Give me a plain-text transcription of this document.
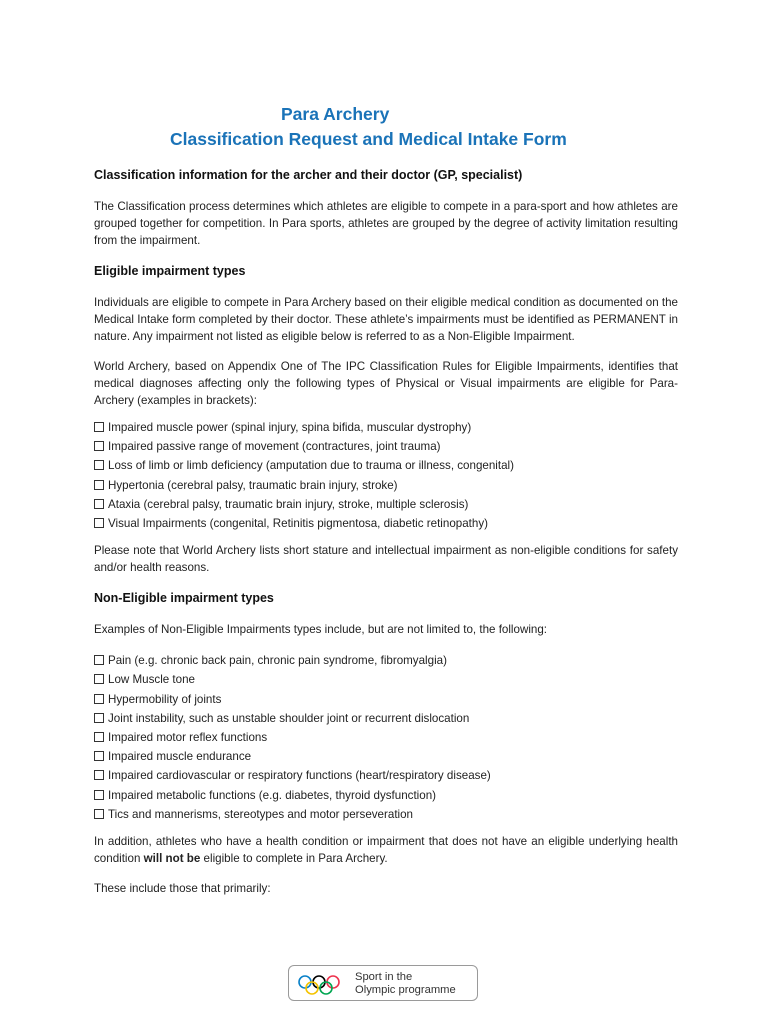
Para Archery
Classification Request and Medical Intake Form

Classification information for the archer and their doctor (GP, specialist)

The Classification process determines which athletes are eligible to compete in a para-sport and how athletes are grouped together for competition. In Para sports, athletes are grouped by the degree of activity limitation resulting from the impairment.

Eligible impairment types

Individuals are eligible to compete in Para Archery based on their eligible medical condition as documented on the Medical Intake form completed by their doctor. These athlete’s impairments must be identified as PERMANENT in nature. Any impairment not listed as eligible below is referred to as a Non-Eligible Impairment.

World Archery, based on Appendix One of The IPC Classification Rules for Eligible Impairments, identifies that medical diagnoses affecting only the following types of Physical or Visual impairments are eligible for Para-Archery (examples in brackets):

Impaired muscle power (spinal injury, spina bifida, muscular dystrophy)
Impaired passive range of movement (contractures, joint trauma)
Loss of limb or limb deficiency (amputation due to trauma or illness, congenital)
Hypertonia (cerebral palsy, traumatic brain injury, stroke)
Ataxia (cerebral palsy, traumatic brain injury, stroke, multiple sclerosis)
Visual Impairments (congenital, Retinitis pigmentosa, diabetic retinopathy)

Please note that World Archery lists short stature and intellectual impairment as non-eligible conditions for safety and/or health reasons.

Non-Eligible impairment types

Examples of Non-Eligible Impairments types include, but are not limited to, the following:

Pain (e.g. chronic back pain, chronic pain syndrome, fibromyalgia)
Low Muscle tone
Hypermobility of joints
Joint instability, such as unstable shoulder joint or recurrent dislocation
Impaired motor reflex functions
Impaired muscle endurance
Impaired cardiovascular or respiratory functions (heart/respiratory disease)
Impaired metabolic functions (e.g. diabetes, thyroid dysfunction)
Tics and mannerisms, stereotypes and motor perseveration

In addition, athletes who have a health condition or impairment that does not have an eligible underlying health condition will not be eligible to complete in Para Archery.

These include those that primarily:

Sport in the
Olympic programme
